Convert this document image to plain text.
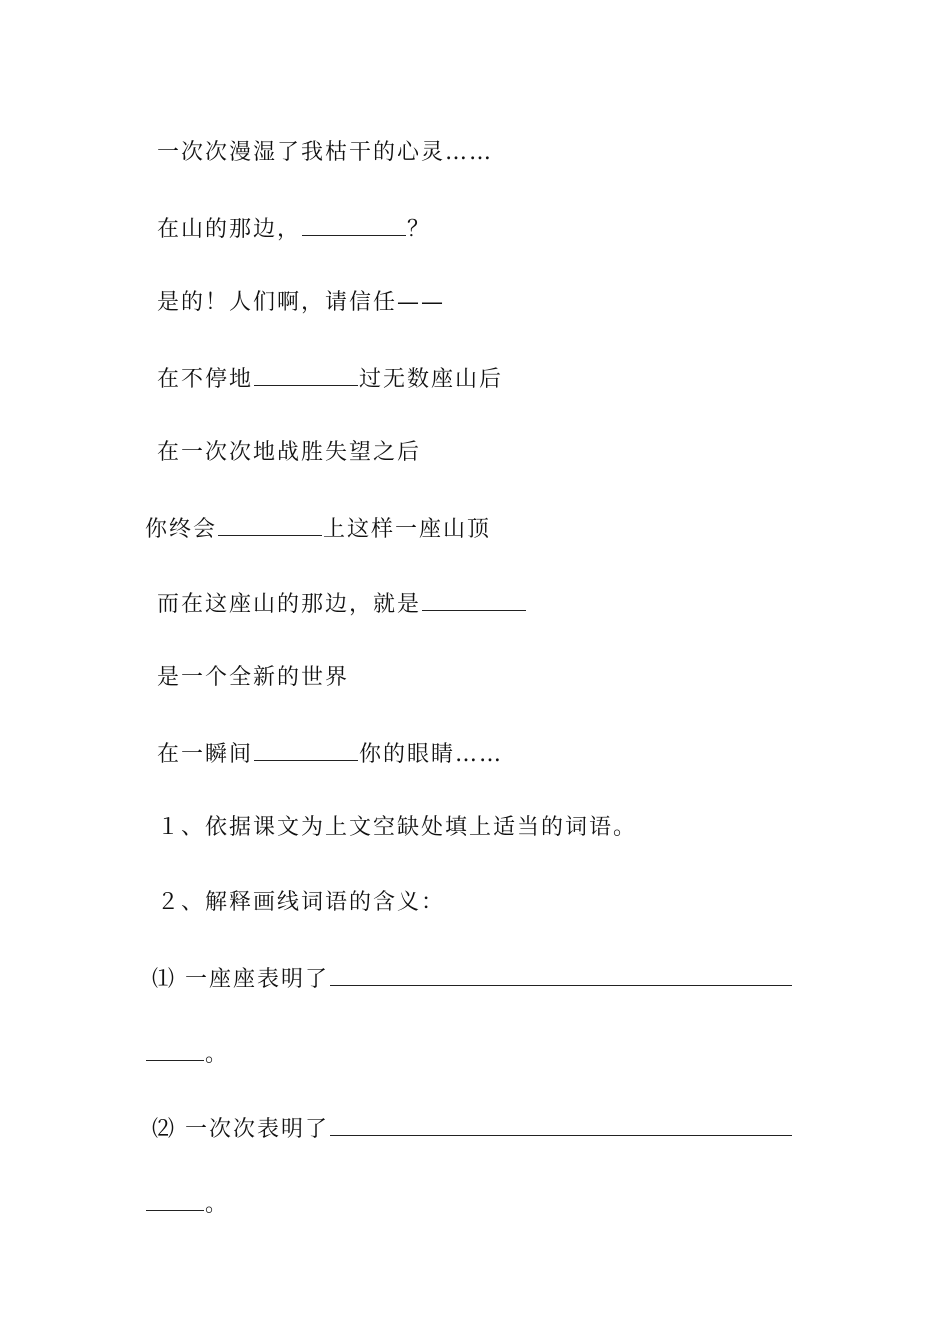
一次次漫湿了我枯干的心灵……
在山的那边，	？
是的！人们啊，请信任——
在不停地	过无数座山后
在一次次地战胜失望之后
你终会	上这样一座山顶
而在这座山的那边，就是
是一个全新的世界
在一瞬间	你的眼睛……
１、依据课文为上文空缺处填上适当的词语。
２、解释画线词语的含义：
⑴ 一座座表明了
。
⑵ 一次次表明了
。
